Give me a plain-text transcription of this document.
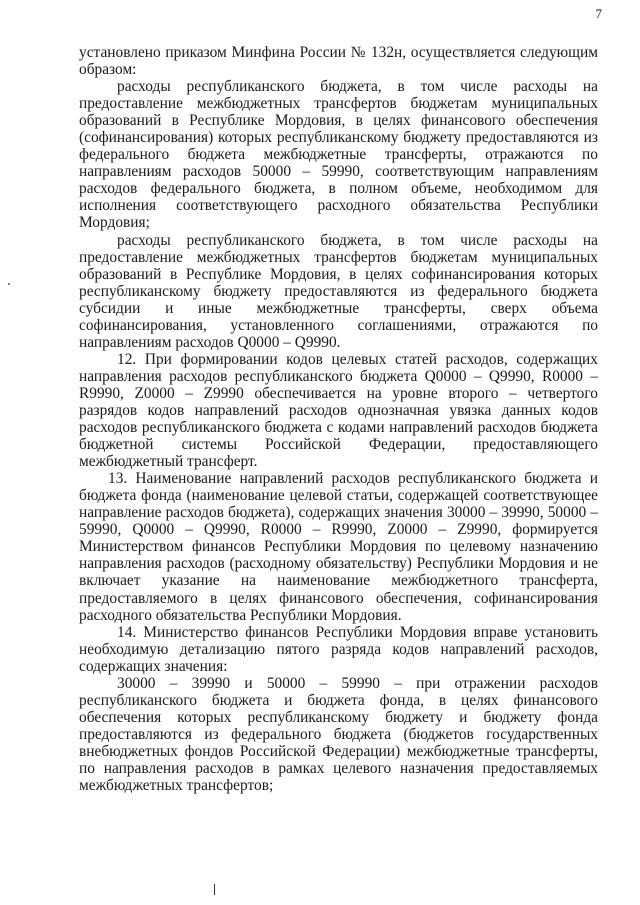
7

установлено приказом Минфина России № 132н, осуществляется следующим образом:

расходы республиканского бюджета, в том числе расходы на предоставление межбюджетных трансфертов бюджетам муниципальных образований в Республике Мордовия, в целях финансового обеспечения (софинансирования) которых республиканскому бюджету предоставляются из федерального бюджета межбюджетные трансферты, отражаются по направлениям расходов 50000 – 59990, соответствующим направлениям расходов федерального бюджета, в полном объеме, необходимом для исполнения соответствующего расходного обязательства Республики Мордовия;

расходы республиканского бюджета, в том числе расходы на предоставление межбюджетных трансфертов бюджетам муниципальных образований в Республике Мордовия, в целях софинансирования которых республиканскому бюджету предоставляются из федерального бюджета субсидии и иные межбюджетные трансферты, сверх объема софинансирования, установленного соглашениями, отражаются по направлениям расходов Q0000 – Q9990.

12. При формировании кодов целевых статей расходов, содержащих направления расходов республиканского бюджета Q0000 – Q9990, R0000 – R9990, Z0000 – Z9990 обеспечивается на уровне второго – четвертого разрядов кодов направлений расходов однозначная увязка данных кодов расходов республиканского бюджета с кодами направлений расходов бюджета бюджетной системы Российской Федерации, предоставляющего межбюджетный трансферт.

13. Наименование направлений расходов республиканского бюджета и бюджета фонда (наименование целевой статьи, содержащей соответствующее направление расходов бюджета), содержащих значения 30000 – 39990, 50000 – 59990, Q0000 – Q9990, R0000 – R9990, Z0000 – Z9990, формируется Министерством финансов Республики Мордовия по целевому назначению направления расходов (расходному обязательству) Республики Мордовия и не включает указание на наименование межбюджетного трансферта, предоставляемого в целях финансового обеспечения, софинансирования расходного обязательства Республики Мордовия.

14. Министерство финансов Республики Мордовия вправе установить необходимую детализацию пятого разряда кодов направлений расходов, содержащих значения:

30000 – 39990 и 50000 – 59990 – при отражении расходов республиканского бюджета и бюджета фонда, в целях финансового обеспечения которых республиканскому бюджету и бюджету фонда предоставляются из федерального бюджета (бюджетов государственных внебюджетных фондов Российской Федерации) межбюджетные трансферты, по направления расходов в рамках целевого назначения предоставляемых межбюджетных трансфертов;
